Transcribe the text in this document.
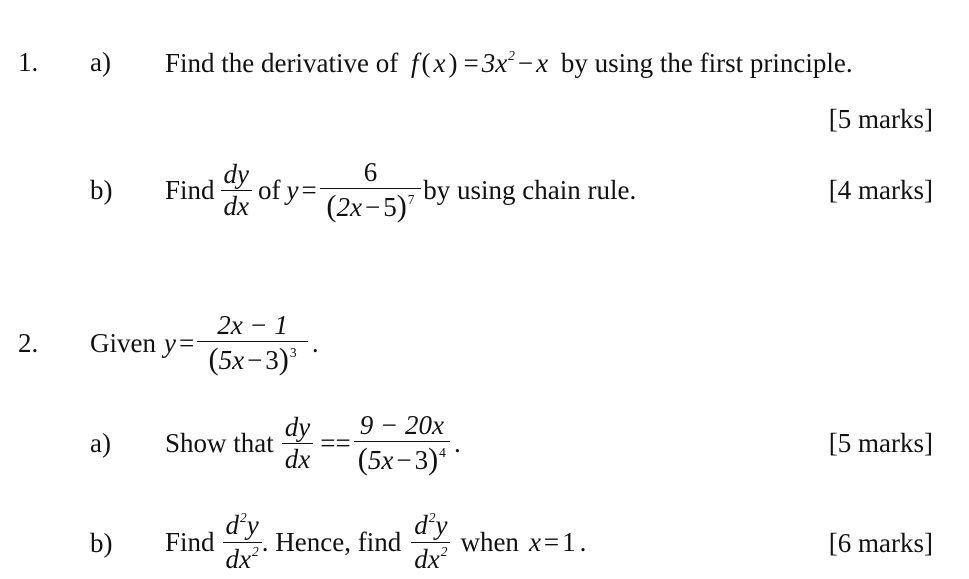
1. a) Find the derivative of f ( x ) = $3x^2 - x$ by using the first principle.
[5 marks]
b) Find $\frac{dy}{dx}$ of $y = \frac{6}{(2x - 5)^7}$ by using chain rule.	[4 marks]
2. Given $y = \frac{2x - 1}{(5x - 3)^3}$ .
a) Show that $\frac{dy}{dx} == \frac{9 - 20x}{(5x - 3)^4}$ .	[5 marks]
b) Find $\frac{d^2y}{dx^2}$ . Hence, find $\frac{d^2y}{dx^2}$ when x = 1 .	[6 marks]
